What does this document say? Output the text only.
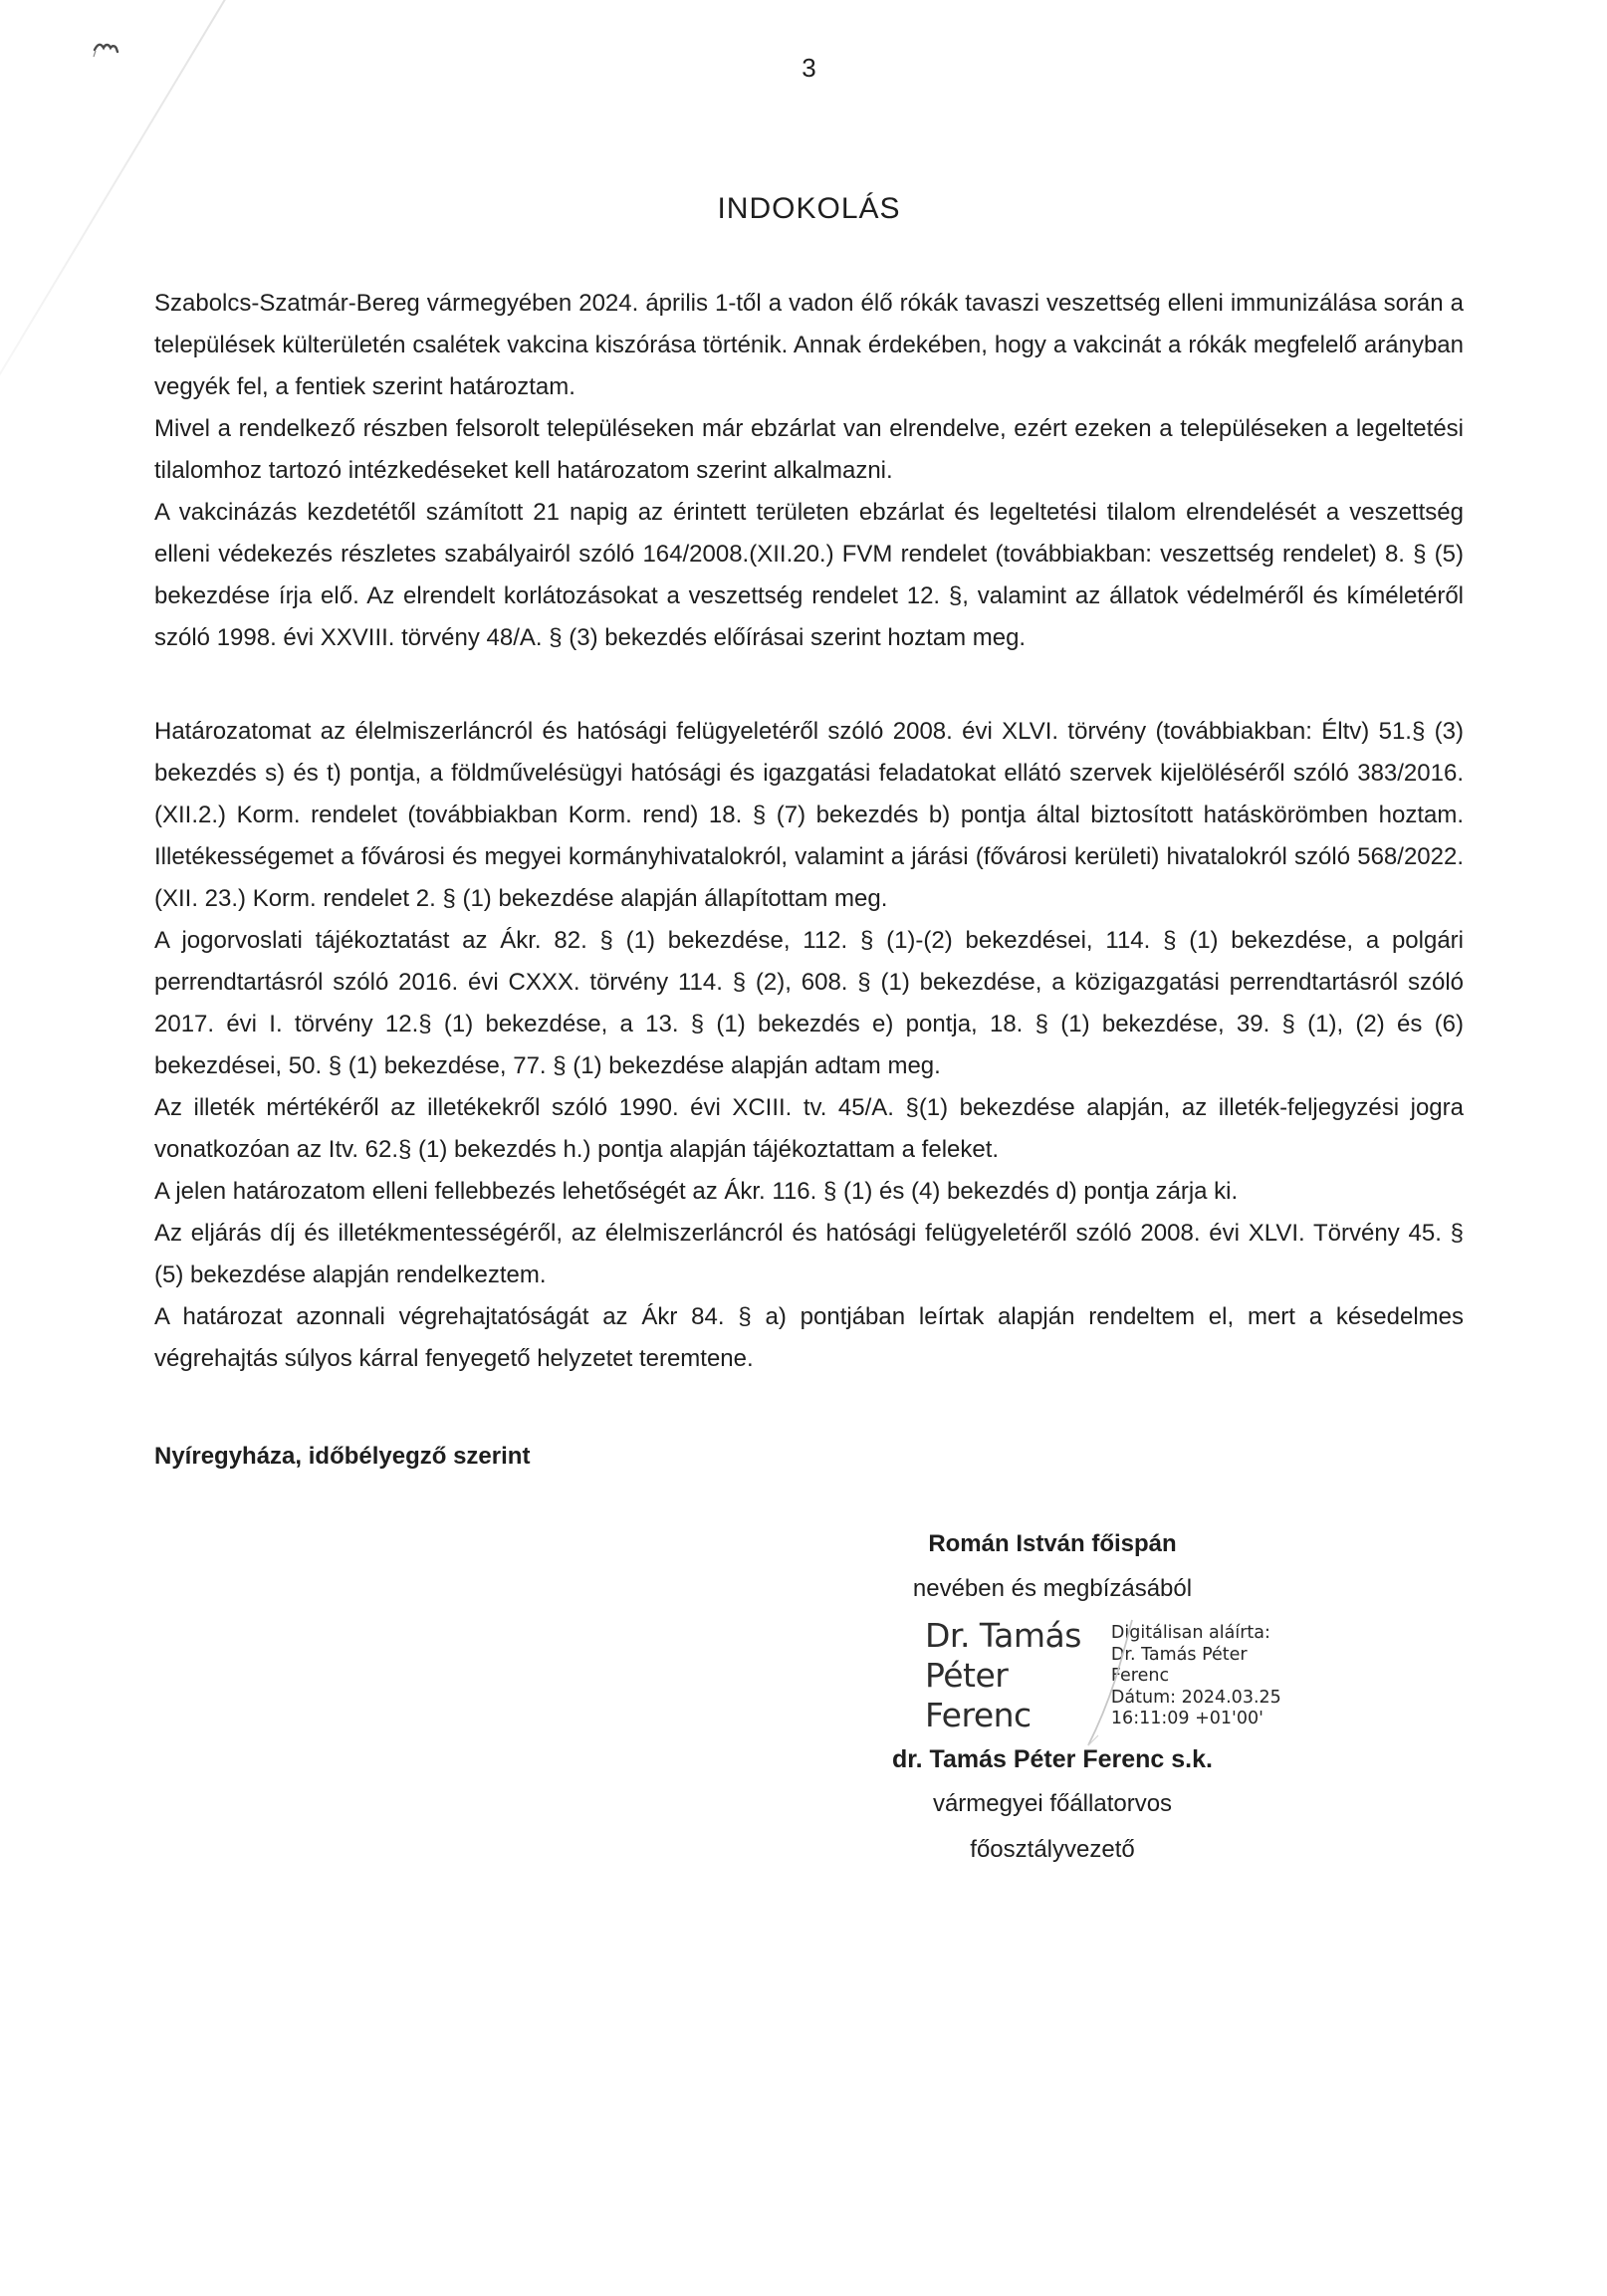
3
INDOKOLÁS

Szabolcs-Szatmár-Bereg vármegyében 2024. április 1-től a vadon élő rókák tavaszi veszettség elleni immunizálása során a települések külterületén csalétek vakcina kiszórása történik. Annak érdekében, hogy a vakcinát a rókák megfelelő arányban vegyék fel, a fentiek szerint határoztam.

Mivel a rendelkező részben felsorolt településeken már ebzárlat van elrendelve, ezért ezeken a településeken a legeltetési tilalomhoz tartozó intézkedéseket kell határozatom szerint alkalmazni.

A vakcinázás kezdetétől számított 21 napig az érintett területen ebzárlat és legeltetési tilalom elrendelését a veszettség elleni védekezés részletes szabályairól szóló 164/2008.(XII.20.) FVM rendelet (továbbiakban: veszettség rendelet) 8. § (5) bekezdése írja elő. Az elrendelt korlátozásokat a veszettség rendelet 12. §, valamint az állatok védelméről és kíméletéről szóló 1998. évi XXVIII. törvény 48/A. § (3) bekezdés előírásai szerint hoztam meg.

Határozatomat az élelmiszerláncról és hatósági felügyeletéről szóló 2008. évi XLVI. törvény (továbbiakban: Éltv) 51.§ (3) bekezdés s) és t) pontja, a földművelésügyi hatósági és igazgatási feladatokat ellátó szervek kijelöléséről szóló 383/2016.(XII.2.) Korm. rendelet (továbbiakban Korm. rend) 18. § (7) bekezdés b) pontja által biztosított hatáskörömben hoztam. Illetékességemet a fővárosi és megyei kormányhivatalokról, valamint a járási (fővárosi kerületi) hivatalokról szóló 568/2022. (XII. 23.) Korm. rendelet 2. § (1) bekezdése alapján állapítottam meg.

A jogorvoslati tájékoztatást az Ákr. 82. § (1) bekezdése, 112. § (1)-(2) bekezdései, 114. § (1) bekezdése, a polgári perrendtartásról szóló 2016. évi CXXX. törvény 114. § (2), 608. § (1) bekezdése, a közigazgatási perrendtartásról szóló 2017. évi I. törvény 12.§ (1) bekezdése, a 13. § (1) bekezdés e) pontja, 18. § (1) bekezdése, 39. § (1), (2) és (6) bekezdései, 50. § (1) bekezdése, 77. § (1) bekezdése alapján adtam meg.

Az illeték mértékéről az illetékekről szóló 1990. évi XCIII. tv. 45/A. §(1) bekezdése alapján, az illeték-feljegyzési jogra vonatkozóan az Itv. 62.§ (1) bekezdés h.) pontja alapján tájékoztattam a feleket.

A jelen határozatom elleni fellebbezés lehetőségét az Ákr. 116. § (1) és (4) bekezdés d) pontja zárja ki.

Az eljárás díj és illetékmentességéről, az élelmiszerláncról és hatósági felügyeletéről szóló 2008. évi XLVI. Törvény 45. § (5) bekezdése alapján rendelkeztem.

A határozat azonnali végrehajtatóságát az Ákr 84. § a) pontjában leírtak alapján rendeltem el, mert a késedelmes végrehajtás súlyos kárral fenyegető helyzetet teremtene.

Nyíregyháza, időbélyegző szerint
Román István főispán
nevében és megbízásából
Dr. Tamás
Péter
Ferenc
Digitálisan aláírta:
Dr. Tamás Péter
Ferenc
Dátum: 2024.03.25
16:11:09 +01'00'
dr. Tamás Péter Ferenc s.k.
vármegyei főállatorvos
főosztályvezető
